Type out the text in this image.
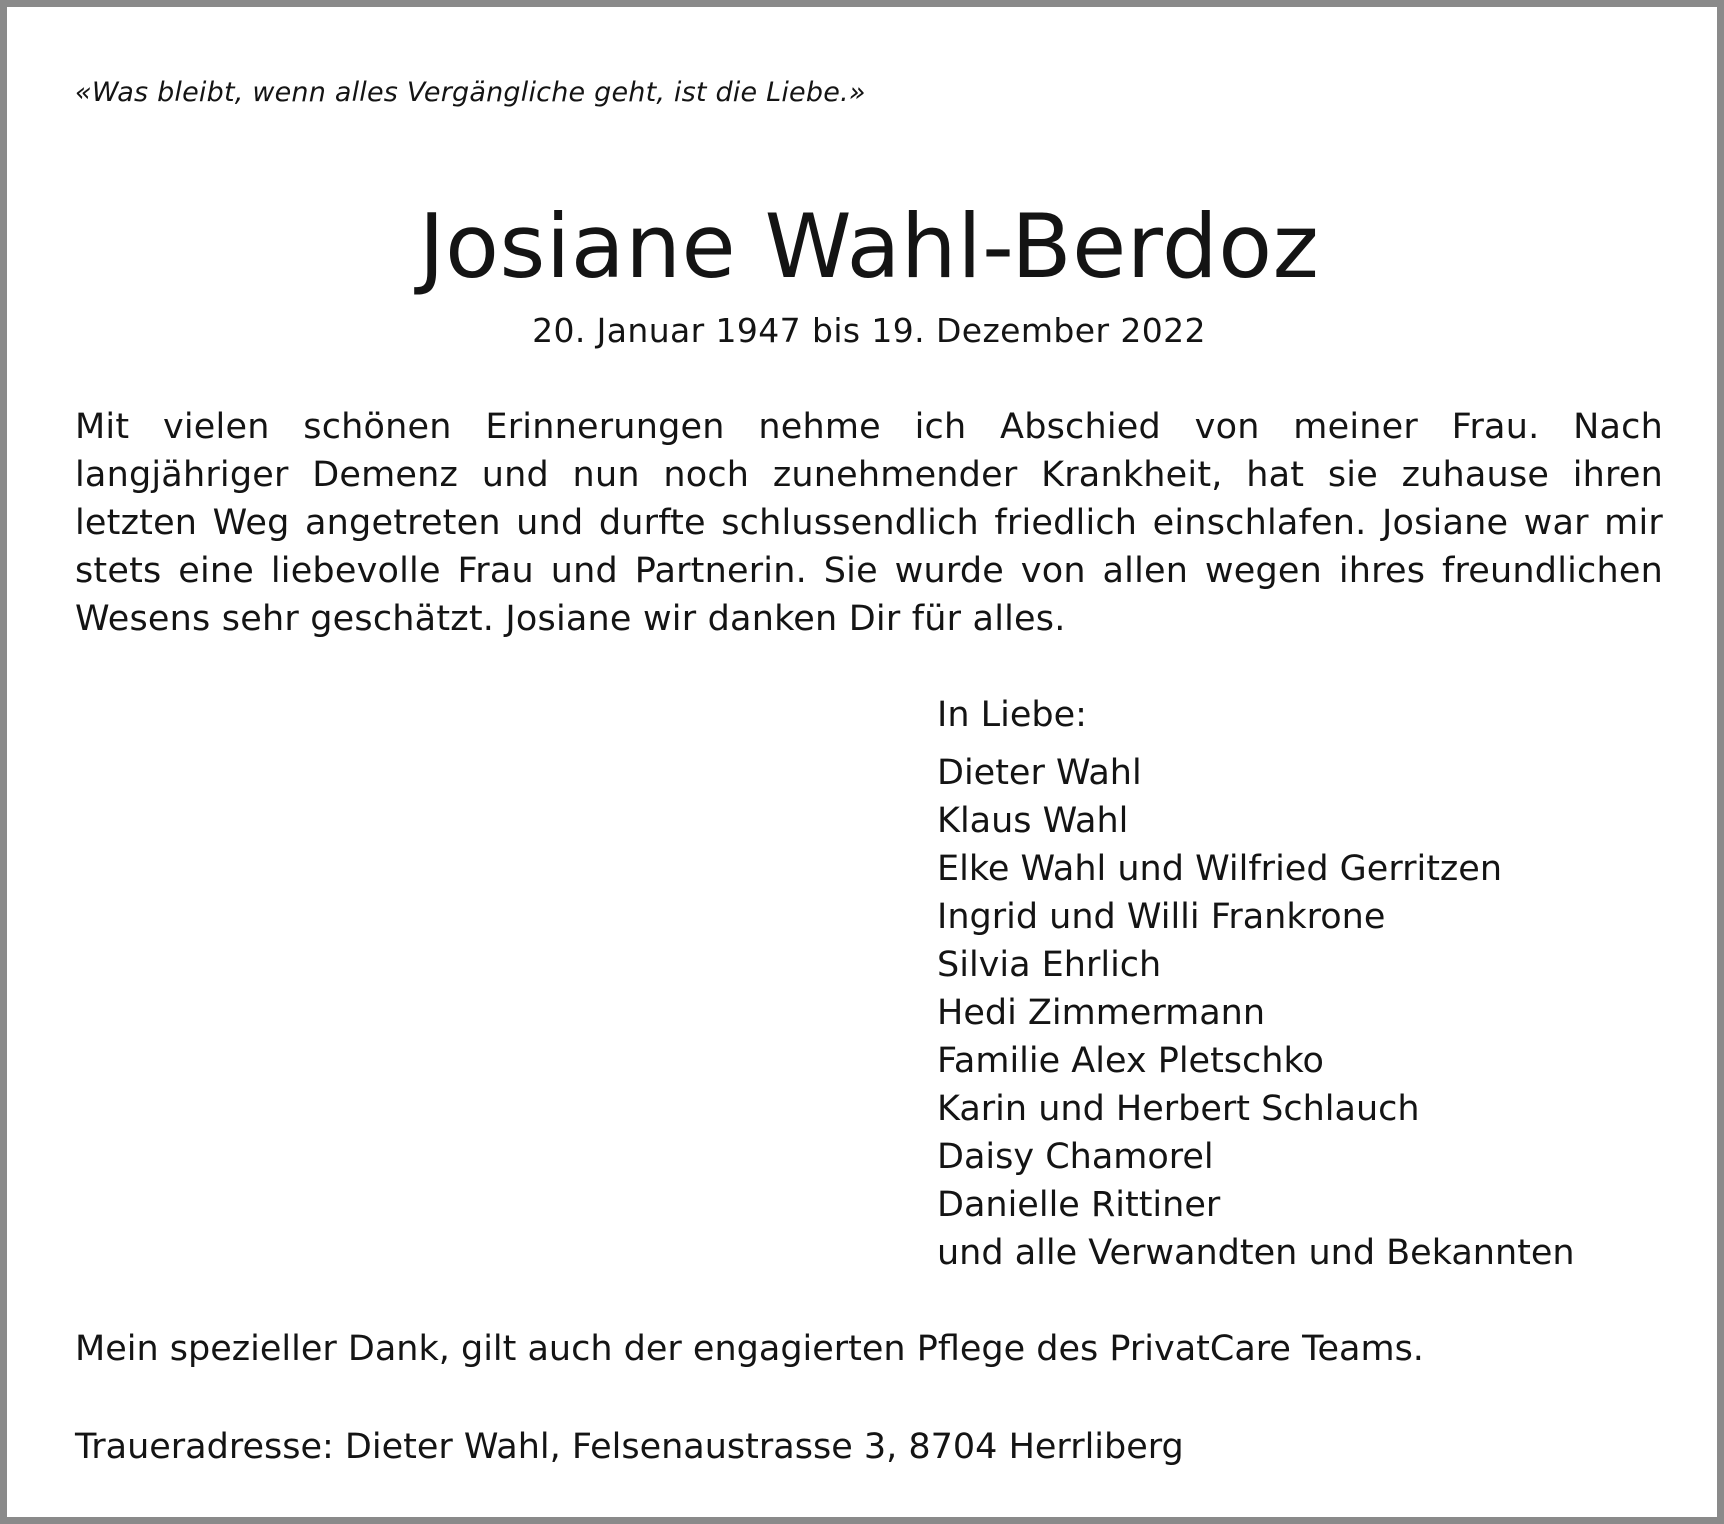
«Was bleibt, wenn alles Vergängliche geht, ist die Liebe.»
Josiane Wahl-Berdoz
20. Januar 1947 bis 19. Dezember 2022

Mit vielen schönen Erinnerungen nehme ich Abschied von meiner Frau. Nach langjähriger Demenz und nun noch zunehmender Krankheit, hat sie zuhause ihren letzten Weg angetreten und durfte schlussendlich friedlich einschlafen. Josiane war mir stets eine liebevolle Frau und Partnerin. Sie wurde von allen wegen ihres freundlichen Wesens sehr geschätzt. Josiane wir danken Dir für alles.

In Liebe:
Dieter Wahl
Klaus Wahl
Elke Wahl und Wilfried Gerritzen
Ingrid und Willi Frankrone
Silvia Ehrlich
Hedi Zimmermann
Familie Alex Pletschko
Karin und Herbert Schlauch
Daisy Chamorel
Danielle Rittiner
und alle Verwandten und Bekannten
Mein spezieller Dank, gilt auch der engagierten Pflege des PrivatCare Teams.
Traueradresse: Dieter Wahl, Felsenaustrasse 3, 8704 Herrliberg
